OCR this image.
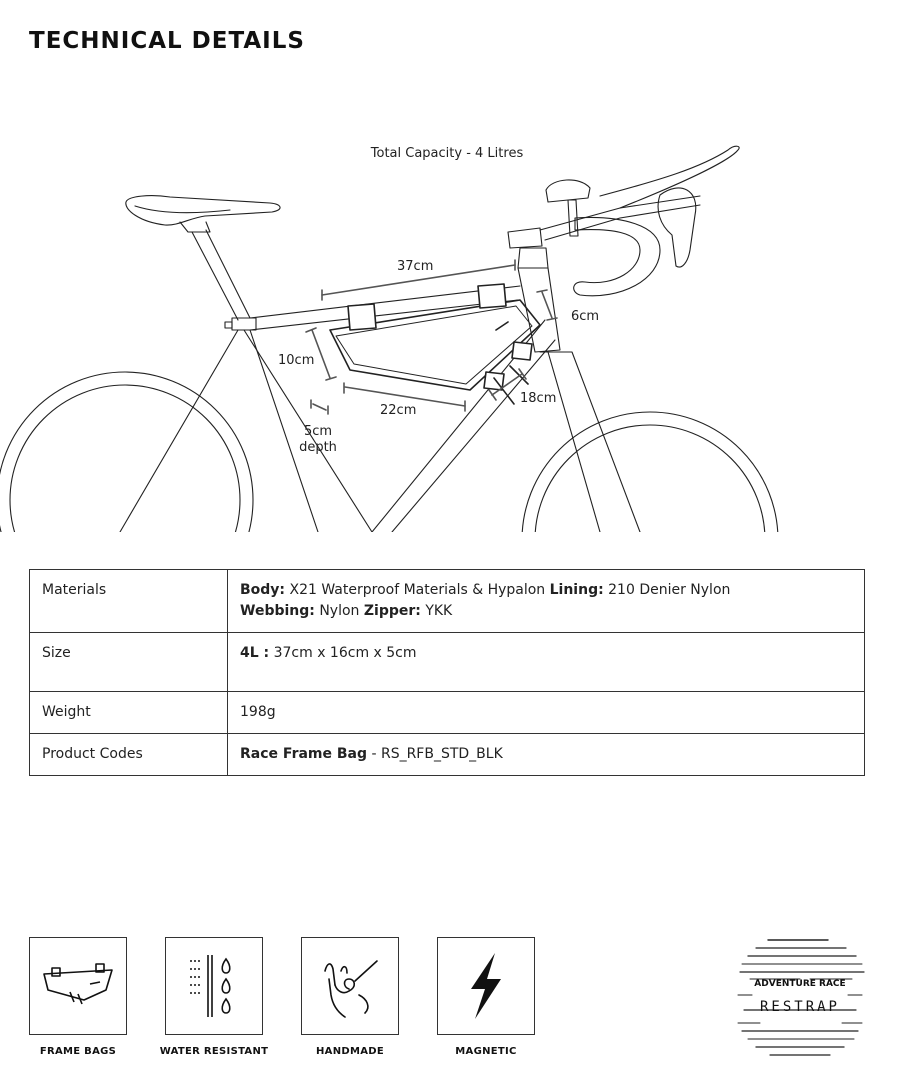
TECHNICAL DETAILS
Total Capacity - 4 Litres
37cm
6cm
10cm
22cm
18cm
5cm
depth
Materials	Body: X21 Waterproof Materials & Hypalon Lining: 210 Denier Nylon
Webbing: Nylon Zipper: YKK

Size	4L : 37cm x 16cm x 5cm
Weight	198g
Product Codes	Race Frame Bag - RS_RFB_STD_BLK
FRAME BAGS	WATER RESISTANT	HANDMADE	MAGNETIC
ADVENTURE RACE
RESTRAP
